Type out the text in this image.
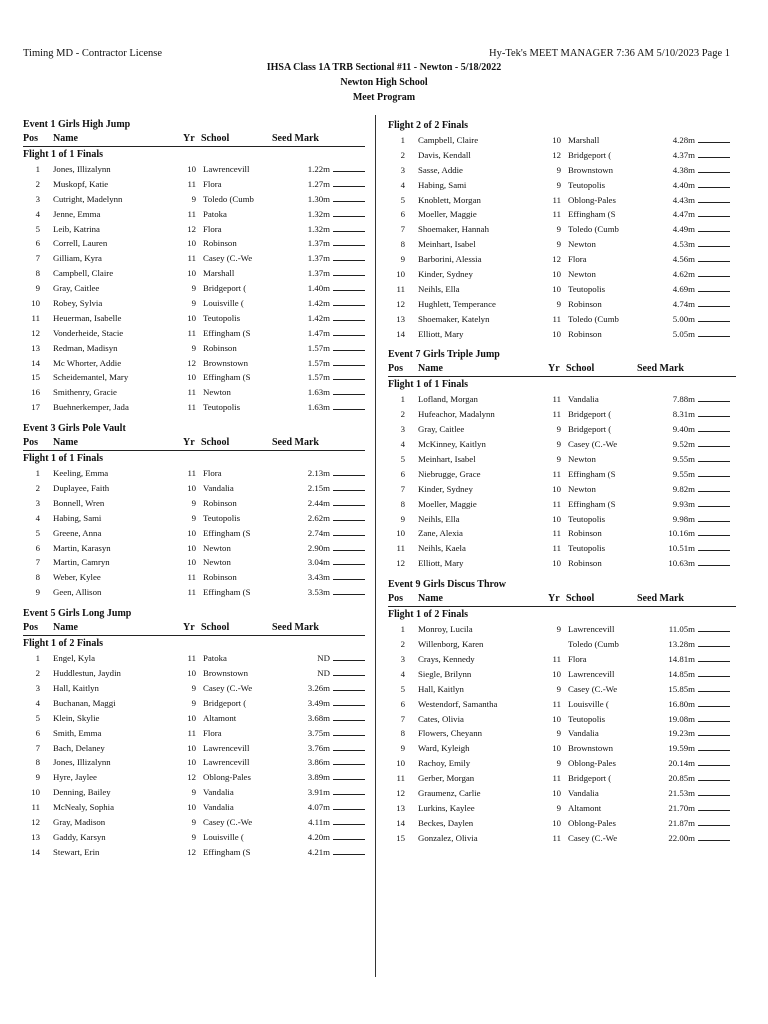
Timing MD - Contractor License	Hy-Tek's MEET MANAGER 7:36 AM 5/10/2023 Page 1
IHSA Class 1A TRB Sectional #11 - Newton - 5/18/2022
Newton High School
Meet Program
Event 1 Girls High Jump
Pos Name	Yr School	Seed Mark
Flight 1 of 1 Finals
1 Jones, Illizalynn	10 Lawrencevill	1.22m
2 Muskopf, Katie	11 Flora	1.27m
3 Cutright, Madelynn	9 Toledo (Cumb	1.30m
4 Jenne, Emma	11 Patoka	1.32m
5 Leib, Katrina	12 Flora	1.32m
6 Correll, Lauren	10 Robinson	1.37m
7 Gilliam, Kyra	11 Casey (C.-We	1.37m
8 Campbell, Claire	10 Marshall	1.37m
9 Gray, Caitlee	9 Bridgeport (	1.40m
10 Robey, Sylvia	9 Louisville (	1.42m
11 Heuerman, Isabelle	10 Teutopolis	1.42m
12 Vonderheide, Stacie	11 Effingham (S	1.47m
13 Redman, Madisyn	9 Robinson	1.57m
14 Mc Whorter, Addie	12 Brownstown	1.57m
15 Scheidemantel, Mary	10 Effingham (S	1.57m
16 Smithenry, Gracie	11 Newton	1.63m
17 Buehnerkemper, Jada	11 Teutopolis	1.63m
Event 3 Girls Pole Vault
Pos Name	Yr School	Seed Mark
Flight 1 of 1 Finals
1 Keeling, Emma	11 Flora	2.13m
2 Duplayee, Faith	10 Vandalia	2.15m
3 Bonnell, Wren	9 Robinson	2.44m
4 Habing, Sami	9 Teutopolis	2.62m
5 Greene, Anna	10 Effingham (S	2.74m
6 Martin, Karasyn	10 Newton	2.90m
7 Martin, Camryn	10 Newton	3.04m
8 Weber, Kylee	11 Robinson	3.43m
9 Geen, Allison	11 Effingham (S	3.53m
Event 5 Girls Long Jump
Pos Name	Yr School	Seed Mark
Flight 1 of 2 Finals
1 Engel, Kyla	11 Patoka	ND
2 Huddlestun, Jaydin	10 Brownstown	ND
3 Hall, Kaitlyn	9 Casey (C.-We	3.26m
4 Buchanan, Maggi	9 Bridgeport (	3.49m
5 Klein, Skylie	10 Altamont	3.68m
6 Smith, Emma	11 Flora	3.75m
7 Bach, Delaney	10 Lawrencevill	3.76m
8 Jones, Illizalynn	10 Lawrencevill	3.86m
9 Hyre, Jaylee	12 Oblong-Pales	3.89m
10 Denning, Bailey	9 Vandalia	3.91m
11 McNealy, Sophia	10 Vandalia	4.07m
12 Gray, Madison	9 Casey (C.-We	4.11m
13 Gaddy, Karsyn	9 Louisville (	4.20m
14 Stewart, Erin	12 Effingham (S	4.21m
Flight 2 of 2 Finals
1 Campbell, Claire	10 Marshall	4.28m
2 Davis, Kendall	12 Bridgeport (	4.37m
3 Sasse, Addie	9 Brownstown	4.38m
4 Habing, Sami	9 Teutopolis	4.40m
5 Knoblett, Morgan	11 Oblong-Pales	4.43m
6 Moeller, Maggie	11 Effingham (S	4.47m
7 Shoemaker, Hannah	9 Toledo (Cumb	4.49m
8 Meinhart, Isabel	9 Newton	4.53m
9 Barborini, Alessia	12 Flora	4.56m
10 Kinder, Sydney	10 Newton	4.62m
11 Neihls, Ella	10 Teutopolis	4.69m
12 Hughlett, Temperance	9 Robinson	4.74m
13 Shoemaker, Katelyn	11 Toledo (Cumb	5.00m
14 Elliott, Mary	10 Robinson	5.05m
Event 7 Girls Triple Jump
Pos Name	Yr School	Seed Mark
Flight 1 of 1 Finals
1 Lofland, Morgan	11 Vandalia	7.88m
2 Hufeachor, Madalynn	11 Bridgeport (	8.31m
3 Gray, Caitlee	9 Bridgeport (	9.40m
4 McKinney, Kaitlyn	9 Casey (C.-We	9.52m
5 Meinhart, Isabel	9 Newton	9.55m
6 Niebrugge, Grace	11 Effingham (S	9.55m
7 Kinder, Sydney	10 Newton	9.82m
8 Moeller, Maggie	11 Effingham (S	9.93m
9 Neihls, Ella	10 Teutopolis	9.98m
10 Zane, Alexia	11 Robinson	10.16m
11 Neihls, Kaela	11 Teutopolis	10.51m
12 Elliott, Mary	10 Robinson	10.63m
Event 9 Girls Discus Throw
Pos Name	Yr School	Seed Mark
Flight 1 of 2 Finals
1 Monroy, Lucila	9 Lawrencevill	11.05m
2 Willenborg, Karen	Toledo (Cumb	13.28m
3 Crays, Kennedy	11 Flora	14.81m
4 Siegle, Brilynn	10 Lawrencevill	14.85m
5 Hall, Kaitlyn	9 Casey (C.-We	15.85m
6 Westendorf, Samantha	11 Louisville (	16.80m
7 Cates, Olivia	10 Teutopolis	19.08m
8 Flowers, Cheyann	9 Vandalia	19.23m
9 Ward, Kyleigh	10 Brownstown	19.59m
10 Rachoy, Emily	9 Oblong-Pales	20.14m
11 Gerber, Morgan	11 Bridgeport (	20.85m
12 Graumenz, Carlie	10 Vandalia	21.53m
13 Lurkins, Kaylee	9 Altamont	21.70m
14 Beckes, Daylen	10 Oblong-Pales	21.87m
15 Gonzalez, Olivia	11 Casey (C.-We	22.00m
